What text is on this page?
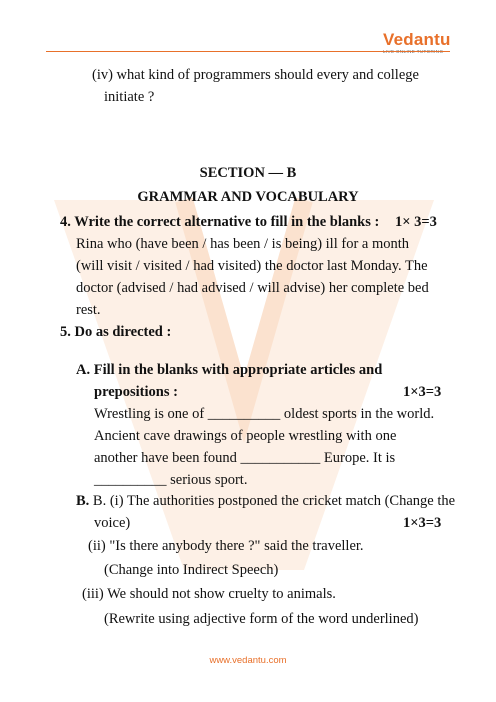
Vedantu
(iv) what kind of programmers should every and college
initiate ?
SECTION — B
GRAMMAR AND VOCABULARY
4. Write the correct alternative to fill in the blanks : 1× 3=3
Rina who (have been / has been / is being) ill for a month
(will visit / visited / had visited) the doctor last Monday. The
doctor (advised / had advised / will advise) her complete bed
rest.
5. Do as directed :
A. Fill in the blanks with appropriate articles and
prepositions :	1×3=3
Wrestling is one of __________ oldest sports in the world.
Ancient cave drawings of people wrestling with one
another have been found ___________ Europe. It is
__________ serious sport.
B. B. (i) The authorities postponed the cricket match (Change the
voice)	1×3=3
(ii) "Is there anybody there ?" said the traveller.
(Change into Indirect Speech)
(iii) We should not show cruelty to animals.
(Rewrite using adjective form of the word underlined)
www.vedantu.com
